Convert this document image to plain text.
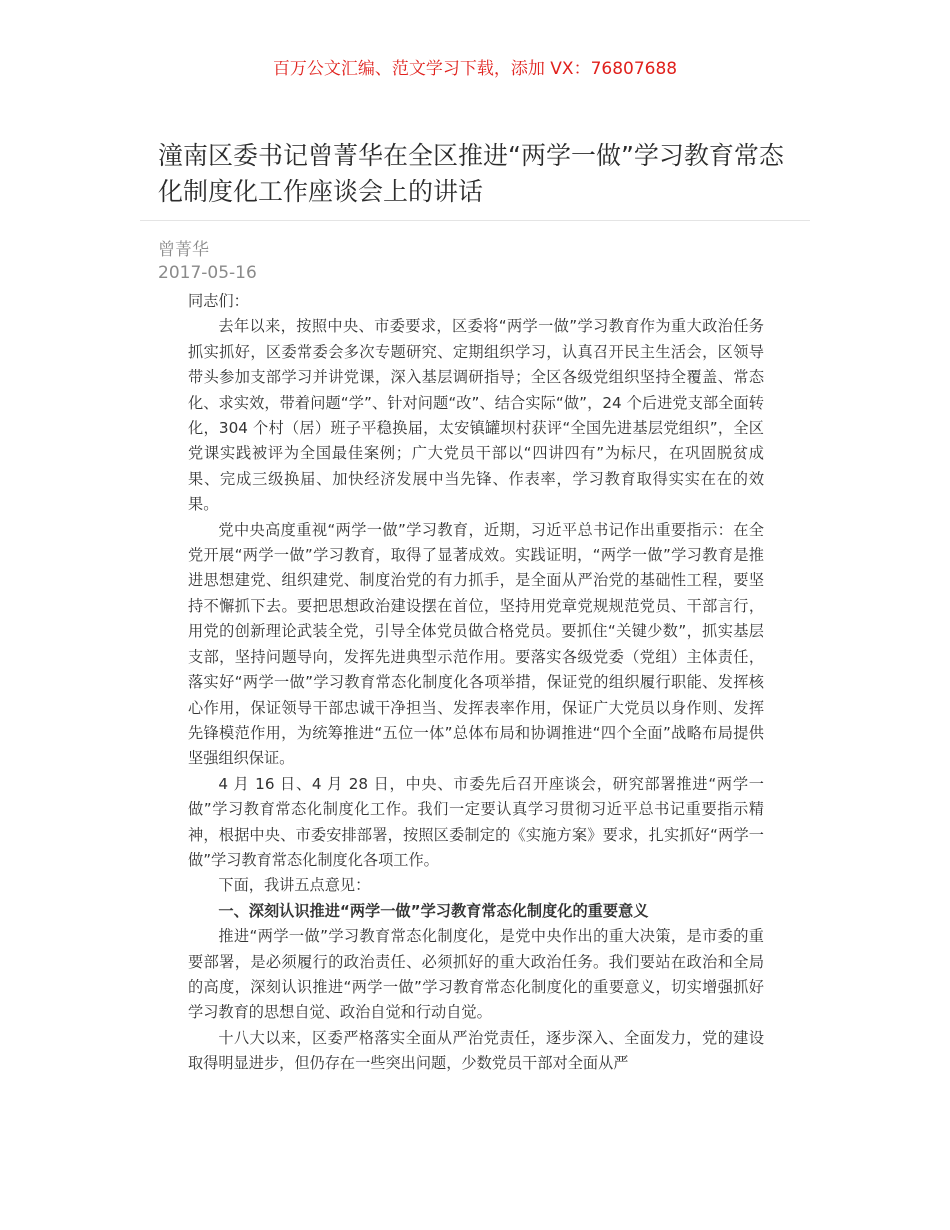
百万公文汇编、范文学习下载，添加 VX：76807688
潼南区委书记曾菁华在全区推进“两学一做”学习教育常态化制度化工作座谈会上的讲话
曾菁华
2017-05-16

同志们：

去年以来，按照中央、市委要求，区委将“两学一做”学习教育作为重大政治任务抓实抓好，区委常委会多次专题研究、定期组织学习，认真召开民主生活会，区领导带头参加支部学习并讲党课，深入基层调研指导；全区各级党组织坚持全覆盖、常态化、求实效，带着问题“学”、针对问题“改”、结合实际“做”，24 个后进党支部全面转化，304 个村（居）班子平稳换届，太安镇罐坝村获评“全国先进基层党组织”，全区党课实践被评为全国最佳案例；广大党员干部以“四讲四有”为标尺，在巩固脱贫成果、完成三级换届、加快经济发展中当先锋、作表率，学习教育取得实实在在的效果。

党中央高度重视“两学一做”学习教育，近期，习近平总书记作出重要指示：在全党开展“两学一做”学习教育，取得了显著成效。实践证明，“两学一做”学习教育是推进思想建党、组织建党、制度治党的有力抓手，是全面从严治党的基础性工程，要坚持不懈抓下去。要把思想政治建设摆在首位，坚持用党章党规规范党员、干部言行，用党的创新理论武装全党，引导全体党员做合格党员。要抓住“关键少数”，抓实基层支部，坚持问题导向，发挥先进典型示范作用。要落实各级党委（党组）主体责任，落实好“两学一做”学习教育常态化制度化各项举措，保证党的组织履行职能、发挥核心作用，保证领导干部忠诚干净担当、发挥表率作用，保证广大党员以身作则、发挥先锋模范作用，为统筹推进“五位一体”总体布局和协调推进“四个全面”战略布局提供坚强组织保证。

4 月 16 日、4 月 28 日，中央、市委先后召开座谈会，研究部署推进“两学一做”学习教育常态化制度化工作。我们一定要认真学习贯彻习近平总书记重要指示精神，根据中央、市委安排部署，按照区委制定的《实施方案》要求，扎实抓好“两学一做”学习教育常态化制度化各项工作。

下面，我讲五点意见：

一、深刻认识推进“两学一做”学习教育常态化制度化的重要意义

推进“两学一做”学习教育常态化制度化，是党中央作出的重大决策，是市委的重要部署，是必须履行的政治责任、必须抓好的重大政治任务。我们要站在政治和全局的高度，深刻认识推进“两学一做”学习教育常态化制度化的重要意义，切实增强抓好学习教育的思想自觉、政治自觉和行动自觉。

十八大以来，区委严格落实全面从严治党责任，逐步深入、全面发力，党的建设取得明显进步，但仍存在一些突出问题，少数党员干部对全面从严
